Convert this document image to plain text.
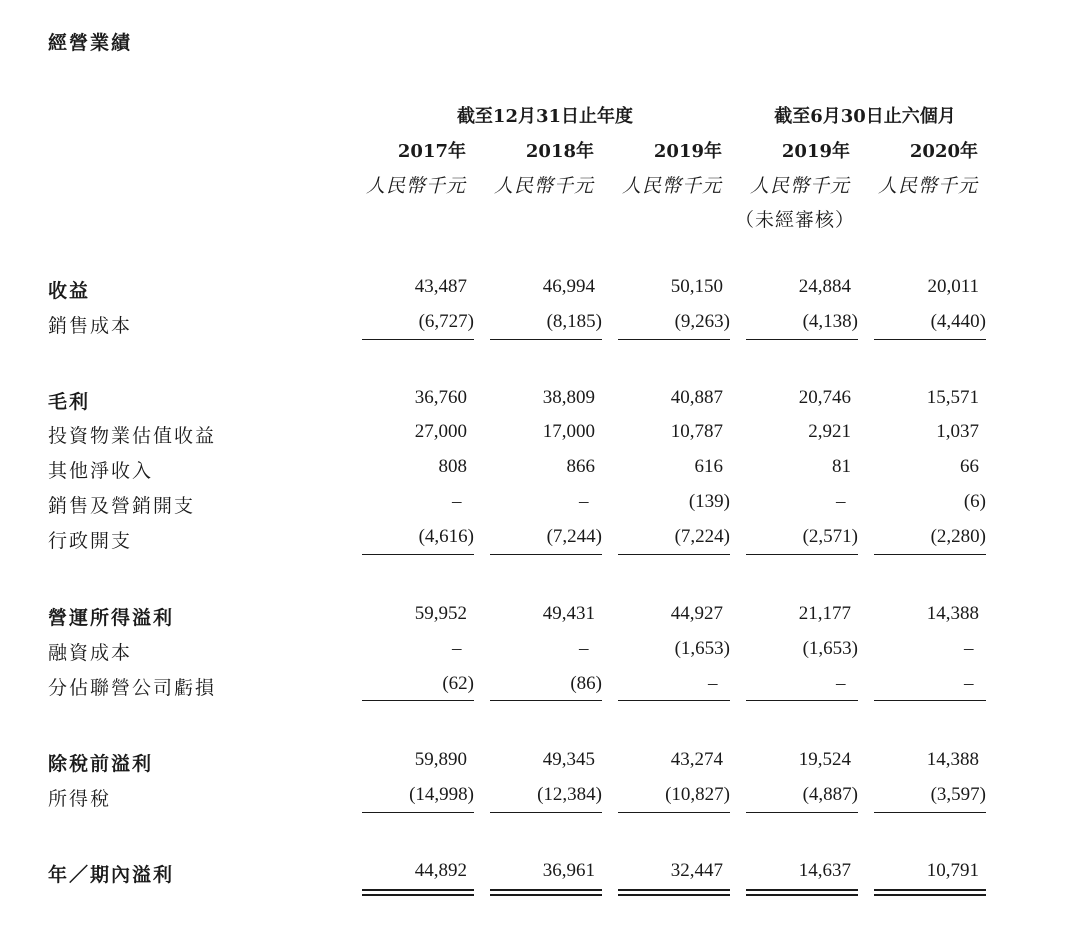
經營業績
截至12月31日止年度	截至6月30日止六個月
2017年	2018年	2019年	2019年	2020年
人民幣千元 人民幣千元 人民幣千元 人民幣千元 人民幣千元
（未經審核）
收益	43,487	46,994	50,150	24,884	20,011
銷售成本	(6,727)	(8,185)	(9,263)	(4,138)	(4,440)
毛利	36,760	38,809	40,887	20,746	15,571
投資物業估值收益	27,000	17,000	10,787	2,921	1,037
其他淨收入	808	866	616	81	66
銷售及營銷開支	–	–	(139)	–	(6)
行政開支	(4,616)	(7,244)	(7,224)	(2,571)	(2,280)
營運所得溢利	59,952	49,431	44,927	21,177	14,388
融資成本	–	–	(1,653)	(1,653)	–
分佔聯營公司虧損	(62)	(86)	–	–	–
除稅前溢利	59,890	49,345	43,274	19,524	14,388
所得稅	(14,998)	(12,384)	(10,827)	(4,887)	(3,597)
年／期內溢利	44,892	36,961	32,447	14,637	10,791
